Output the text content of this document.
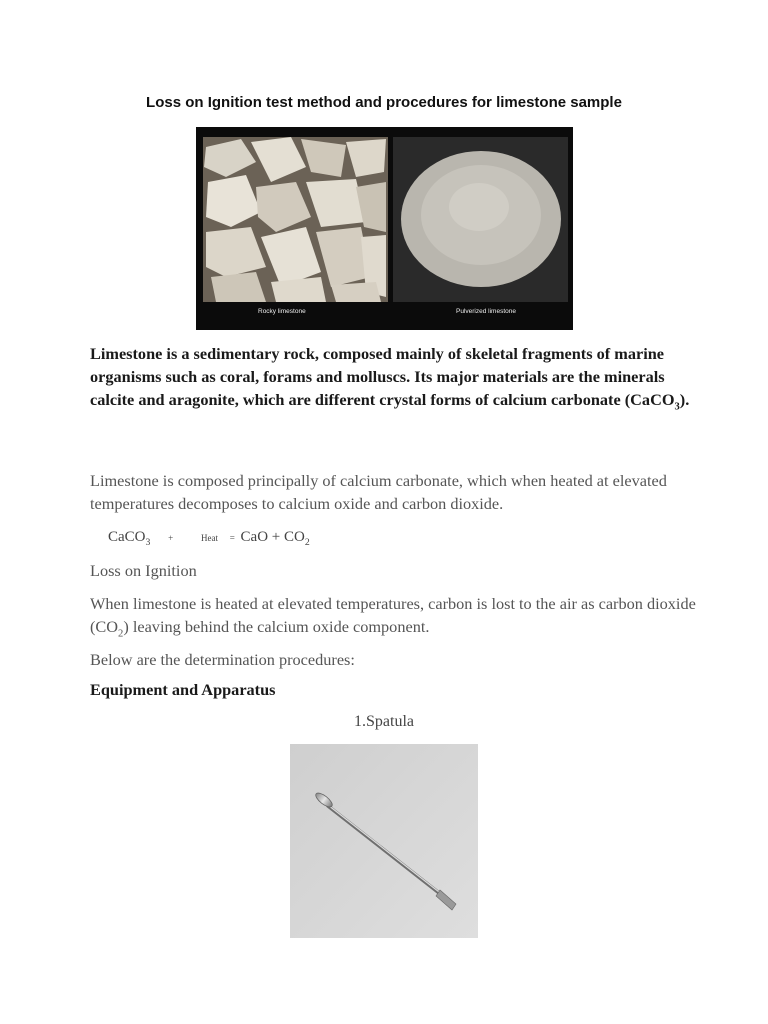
Loss on Ignition test method and procedures for limestone sample
Rocky limestone	Pulverized limestone
Limestone is a sedimentary rock, composed mainly of skeletal fragments of marine organisms such as coral, forams and molluscs. Its major materials are the minerals calcite and aragonite, which are different crystal forms of calcium carbonate (CaCO$_3$).
Limestone is composed principally of calcium carbonate, which when heated at elevated temperatures decomposes to calcium oxide and carbon dioxide.
CaCO$_3$ +	Heat = CaO + $CO_2$
Loss on Ignition
When limestone is heated at elevated temperatures, carbon is lost to the air as carbon dioxide $(CO_2)$ leaving behind the calcium oxide component.
Below are the determination procedures:
Equipment and Apparatus
1.Spatula
